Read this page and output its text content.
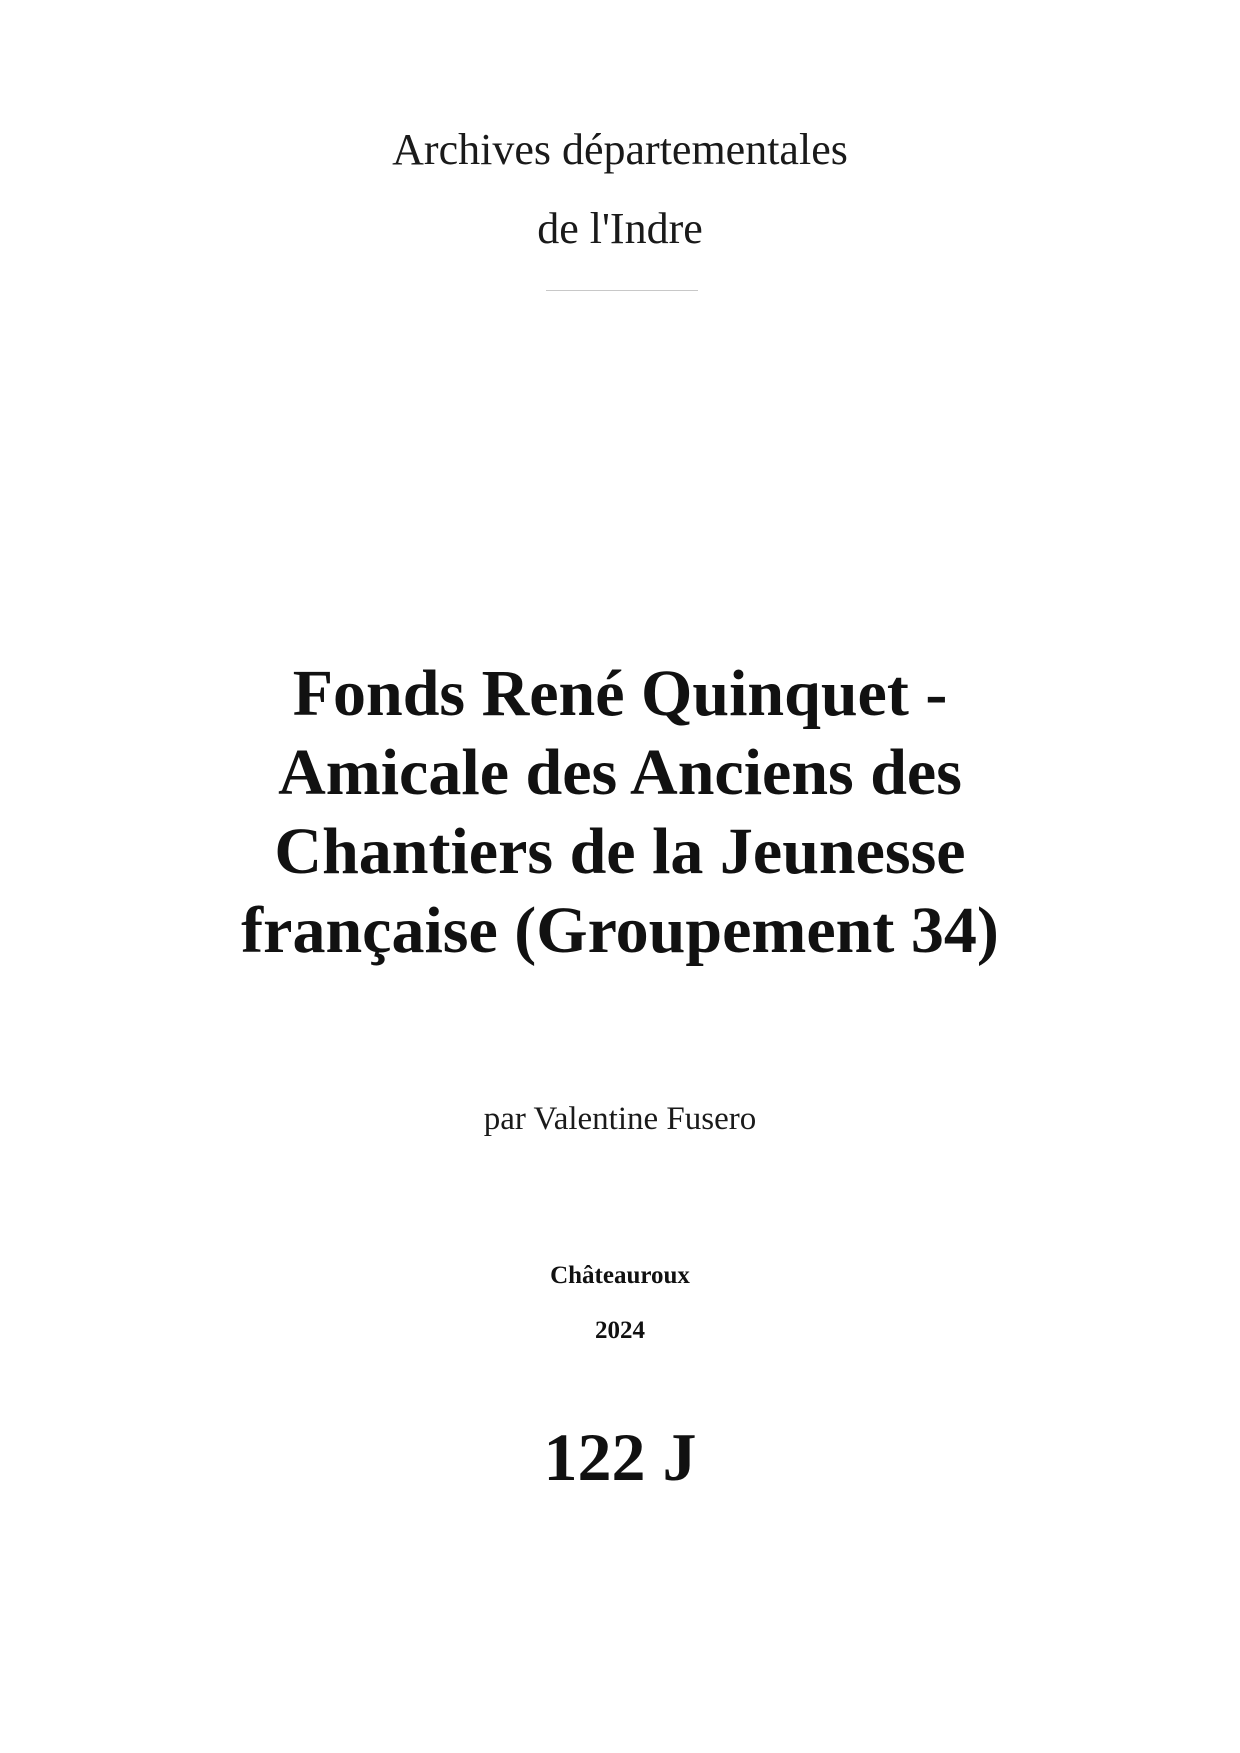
Archives départementales
de l'Indre
Fonds René Quinquet -
Amicale des Anciens des
Chantiers de la Jeunesse
française (Groupement 34)
par Valentine Fusero
Châteauroux
2024
122 J
